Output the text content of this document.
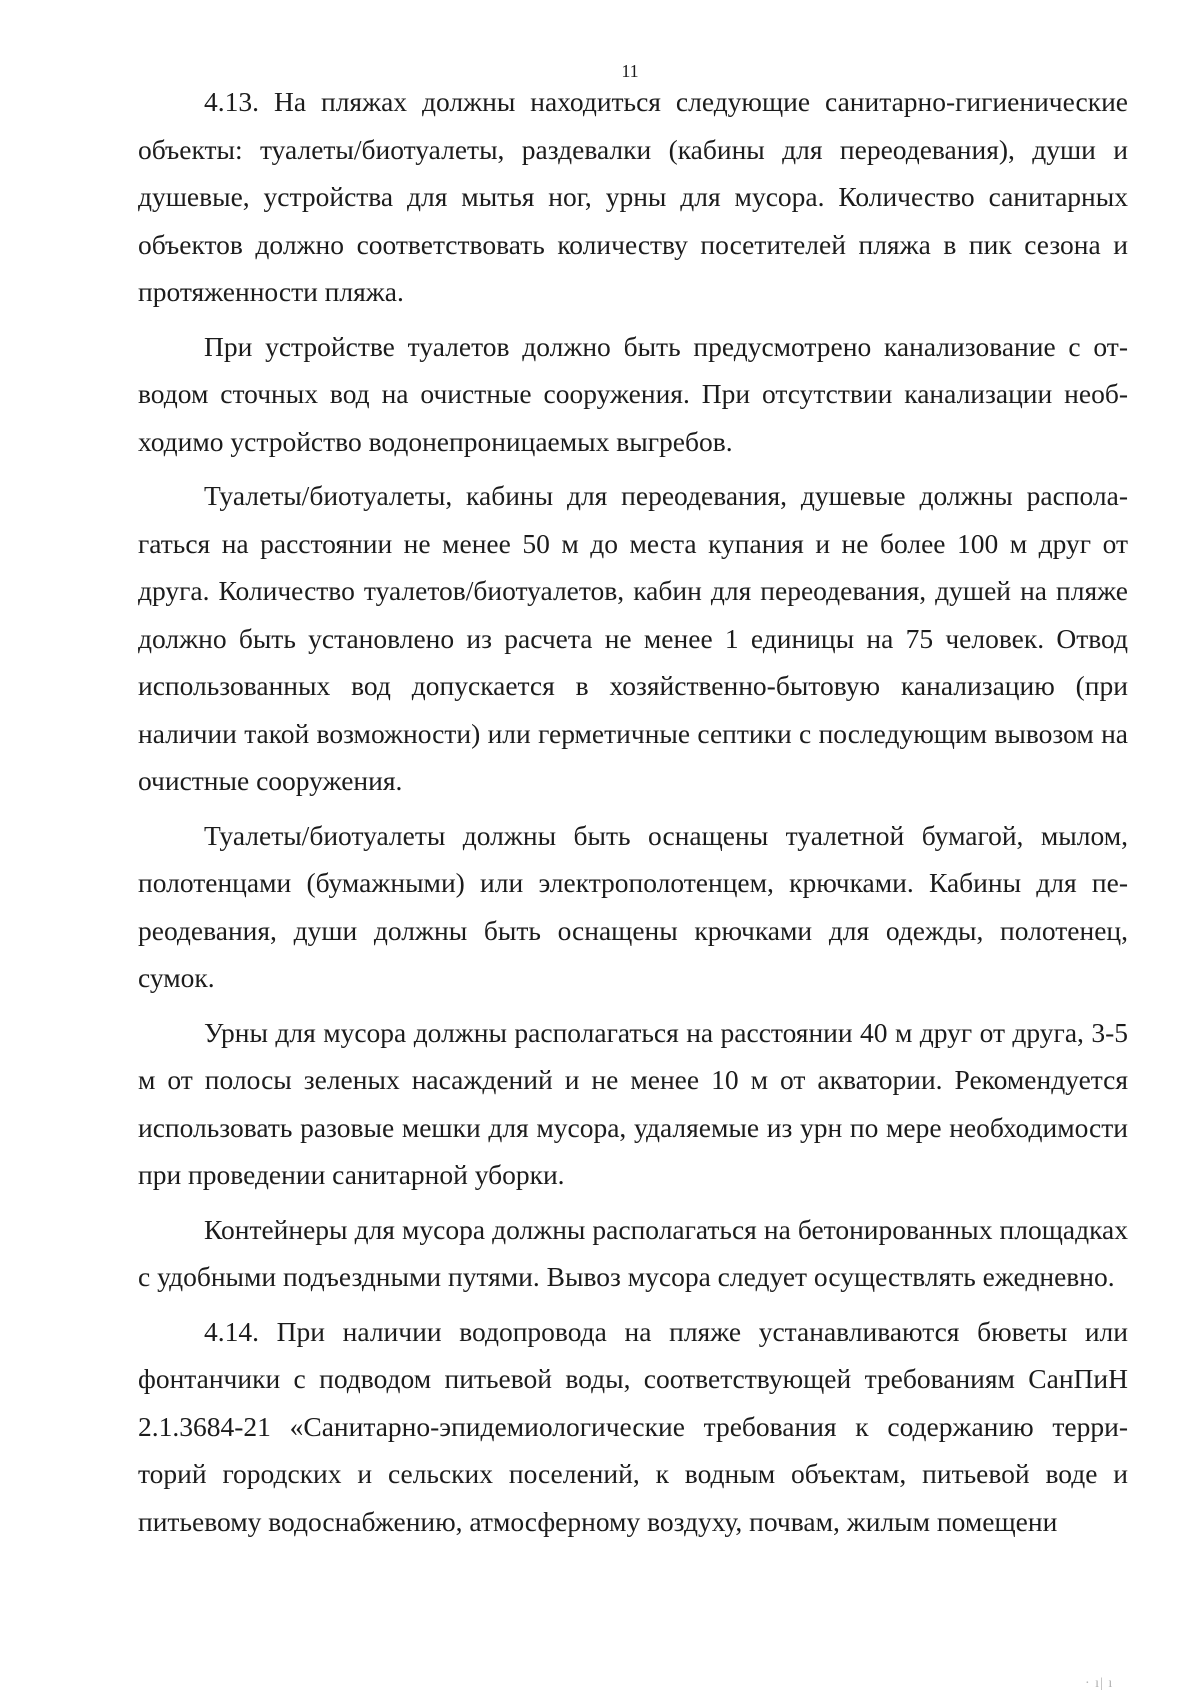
11

4.13. На пляжах должны находиться следующие санитарно-гигиенические объекты: туалеты/биотуалеты, раздевалки (кабины для переодевания), души и душевые, устройства для мытья ног, урны для мусора. Количество санитарных объектов должно соответствовать количеству посетителей пляжа в пик сезона и протяженности пляжа.

При устройстве туалетов должно быть предусмотрено канализование с отводом сточных вод на очистные сооружения. При отсутствии канализации необходимо устройство водонепроницаемых выгребов.

Туалеты/биотуалеты, кабины для переодевания, душевые должны располагаться на расстоянии не менее 50 м до места купания и не более 100 м друг от друга. Количество туалетов/биотуалетов, кабин для переодевания, душей на пляже должно быть установлено из расчета не менее 1 единицы на 75 человек. Отвод использованных вод допускается в хозяйственно-бытовую канализацию (при наличии такой возможности) или герметичные септики с последующим вывозом на очистные сооружения.

Туалеты/биотуалеты должны быть оснащены туалетной бумагой, мылом, полотенцами (бумажными) или электрополотенцем, крючками. Кабины для переодевания, души должны быть оснащены крючками для одежды, полотенец, сумок.

Урны для мусора должны располагаться на расстоянии 40 м друг от друга, 3-5 м от полосы зеленых насаждений и не менее 10 м от акватории. Рекомендуется использовать разовые мешки для мусора, удаляемые из урн по мере необходимости при проведении санитарной уборки.

Контейнеры для мусора должны располагаться на бетонированных площадках с удобными подъездными путями. Вывоз мусора следует осуществлять ежедневно.

4.14. При наличии водопровода на пляже устанавливаются бюветы или фонтанчики с подводом питьевой воды, соответствующей требованиям СанПиН 2.1.3684-21 «Санитарно-эпидемиологические требования к содержанию территорий городских и сельских поселений, к водным объектам, питьевой воде и питьевому водоснабжению, атмосферному воздуху, почвам, жилым помещени

· ı| ı
